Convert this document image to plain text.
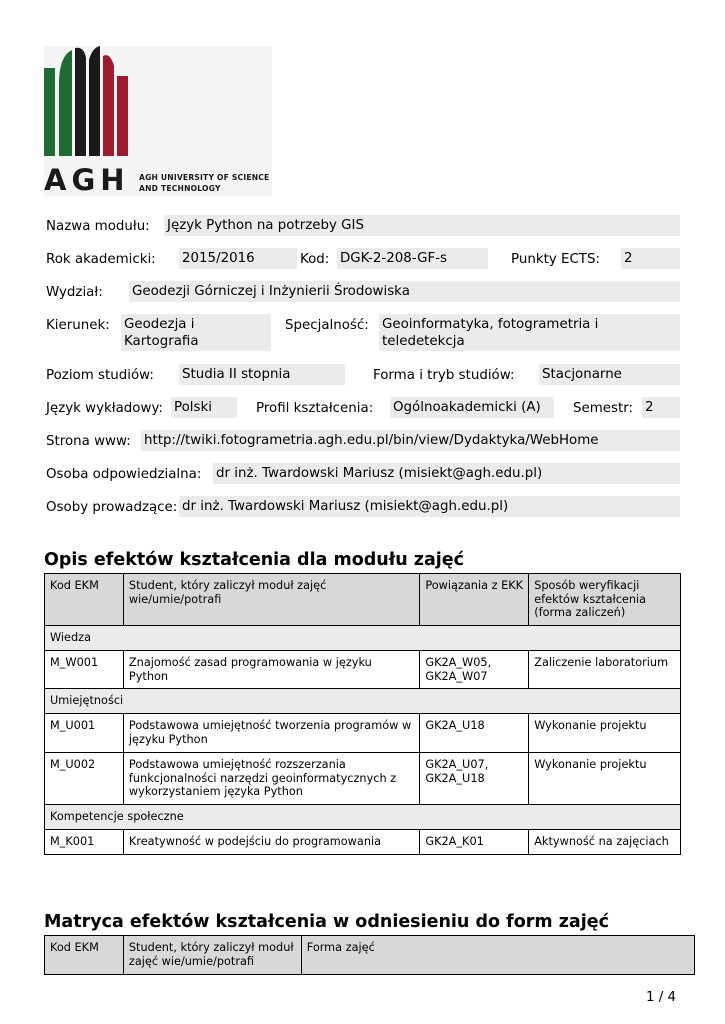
AGH AGH UNIVERSITY OF SCIENCE
AND TECHNOLOGY
Nazwa modułu: Język Python na potrzeby GIS
Rok akademicki: 2015/2016	Kod: DGK-2-208-GF-s	Punkty ECTS: 2
Wydział: Geodezji Górniczej i Inżynierii Środowiska
Kierunek: Geodezja i
Kartografia
Specjalność: Geoinformatyka, fotogrametria i
teledetekcja
Poziom studiów: Studia II stopnia	Forma i tryb studiów: Stacjonarne
Język wykładowy: Polski	Profil kształcenia: Ogólnoakademicki (A)	Semestr: 2
Strona www: http://twiki.fotogrametria.agh.edu.pl/bin/view/Dydaktyka/WebHome
Osoba odpowiedzialna: dr inż. Twardowski Mariusz (misiekt@agh.edu.pl)
Osoby prowadzące: dr inż. Twardowski Mariusz (misiekt@agh.edu.pl)
Opis efektów kształcenia dla modułu zajęć
Kod EKM	Student, który zaliczył moduł zajęć wie/umie/potrafi	Powiązania z EKK	Sposób weryfikacji efektów kształcenia (forma zaliczeń)
Wiedza			
M_W001	Znajomość zasad programowania w języku Python	GK2A_W05, GK2A_W07	Zaliczenie laboratorium
Umiejętności			
M_U001	Podstawowa umiejętność tworzenia programów w języku Python	GK2A_U18	Wykonanie projektu
M_U002	Podstawowa umiejętność rozszerzania funkcjonalności narzędzi geoinformatycznych z wykorzystaniem języka Python	GK2A_U07, GK2A_U18	Wykonanie projektu
Kompetencje społeczne			
M_K001	Kreatywność w podejściu do programowania	GK2A_K01	Aktywność na zajęciach
Matryca efektów kształcenia w odniesieniu do form zajęć
Kod EKM	Student, który zaliczył moduł zajęć wie/umie/potrafi	Forma zajęć
1 / 4
